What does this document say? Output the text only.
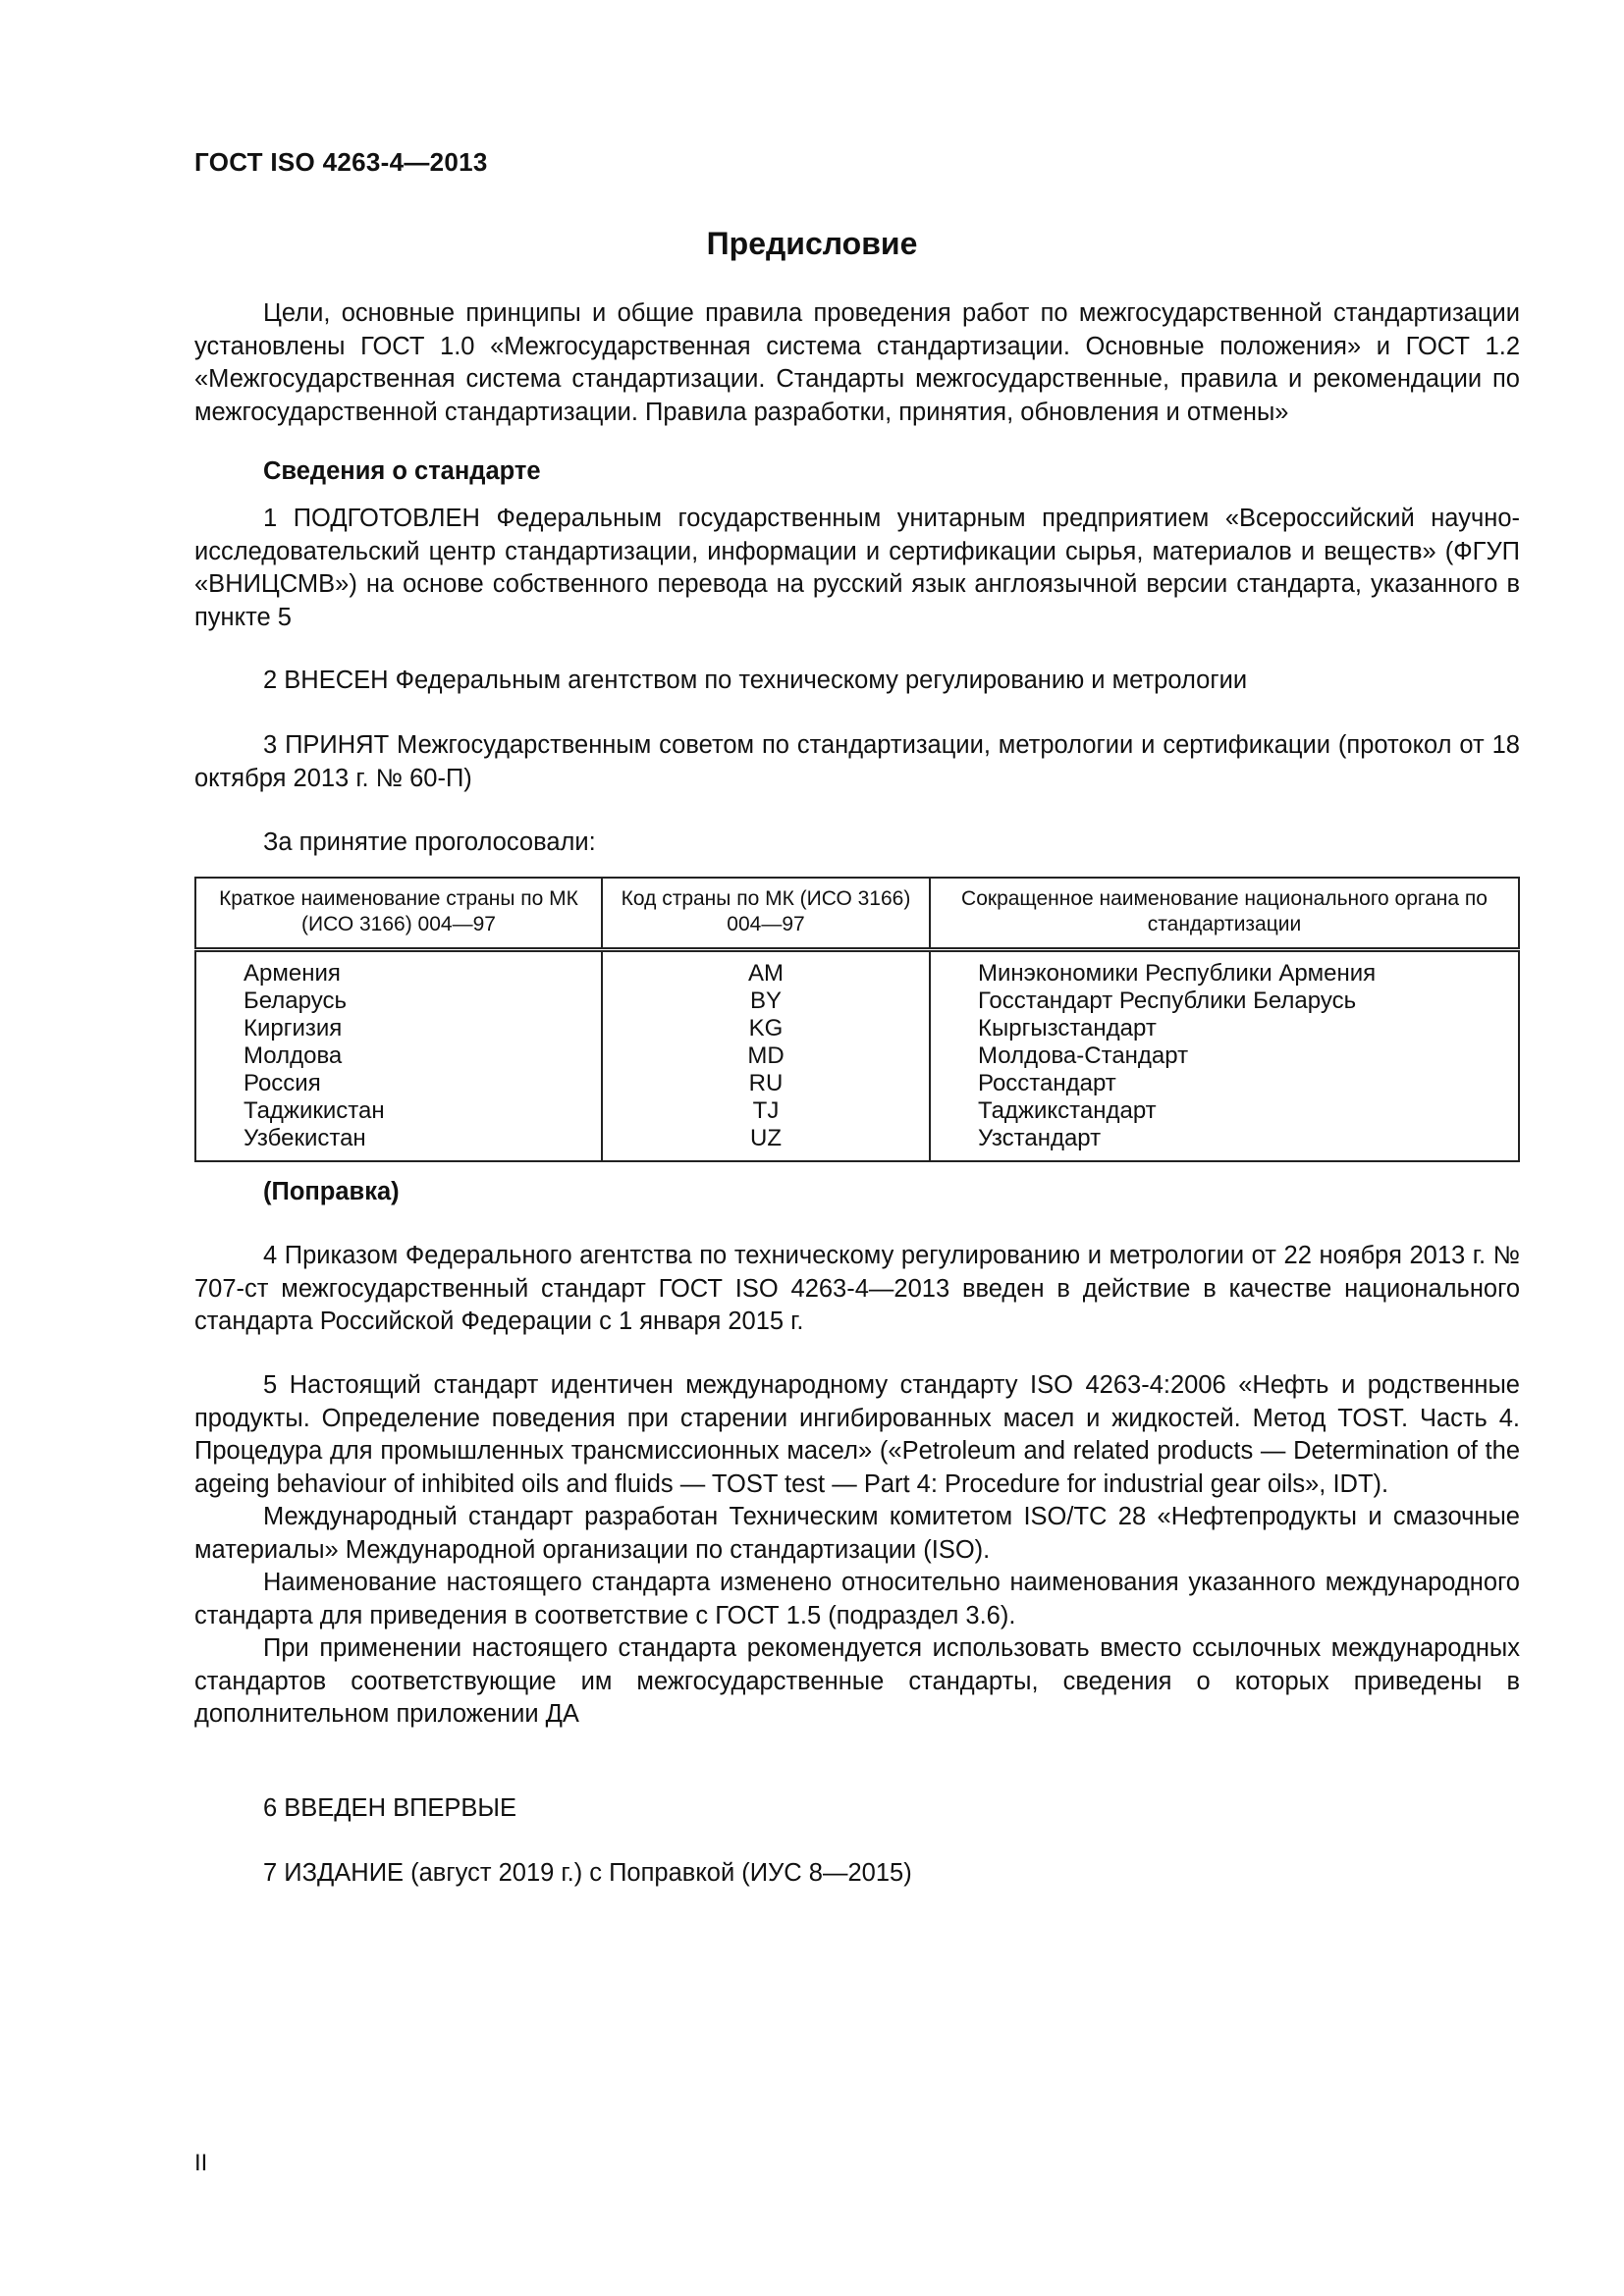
ГОСТ ISO 4263-4—2013
Предисловие

Цели, основные принципы и общие правила проведения работ по межгосударственной стандартизации установлены ГОСТ 1.0 «Межгосударственная система стандартизации. Основные положения» и ГОСТ 1.2 «Межгосударственная система стандартизации. Стандарты межгосударственные, правила и рекомендации по межгосударственной стандартизации. Правила разработки, принятия, обновления и отмены»

Сведения о стандарте

1 ПОДГОТОВЛЕН Федеральным государственным унитарным предприятием «Всероссийский научно-исследовательский центр стандартизации, информации и сертификации сырья, материалов и веществ» (ФГУП «ВНИЦСМВ») на основе собственного перевода на русский язык англоязычной версии стандарта, указанного в пункте 5

2 ВНЕСЕН Федеральным агентством по техническому регулированию и метрологии

3 ПРИНЯТ Межгосударственным советом по стандартизации, метрологии и сертификации (протокол от 18 октября 2013 г. № 60-П)

За принятие проголосовали:

Краткое наименование страны по МК (ИСО 3166) 004—97	Код страны по МК (ИСО 3166) 004—97	Сокращенное наименование национального органа по стандартизации
Армения	AM	Минэкономики Республики Армения
Беларусь	BY	Госстандарт Республики Беларусь
Киргизия	KG	Кыргызстандарт
Молдова	MD	Молдова-Стандарт
Россия	RU	Росстандарт
Таджикистан	TJ	Таджикстандарт
Узбекистан	UZ	Узстандарт

(Поправка)

4 Приказом Федерального агентства по техническому регулированию и метрологии от 22 ноября 2013 г. № 707-ст межгосударственный стандарт ГОСТ ISO 4263-4—2013 введен в действие в качестве национального стандарта Российской Федерации с 1 января 2015 г.

5 Настоящий стандарт идентичен международному стандарту ISO 4263-4:2006 «Нефть и родственные продукты. Определение поведения при старении ингибированных масел и жидкостей. Метод TOST. Часть 4. Процедура для промышленных трансмиссионных масел» («Petroleum and related products — Determination of the ageing behaviour of inhibited oils and fluids — TOST test — Part 4: Procedure for industrial gear oils», IDT).

Международный стандарт разработан Техническим комитетом ISO/TC 28 «Нефтепродукты и смазочные материалы» Международной организации по стандартизации (ISO).

Наименование настоящего стандарта изменено относительно наименования указанного международного стандарта для приведения в соответствие с ГОСТ 1.5 (подраздел 3.6).

При применении настоящего стандарта рекомендуется использовать вместо ссылочных международных стандартов соответствующие им межгосударственные стандарты, сведения о которых приведены в дополнительном приложении ДА

6 ВВЕДЕН ВПЕРВЫЕ

7 ИЗДАНИЕ (август 2019 г.) с Поправкой (ИУС 8—2015)

II
